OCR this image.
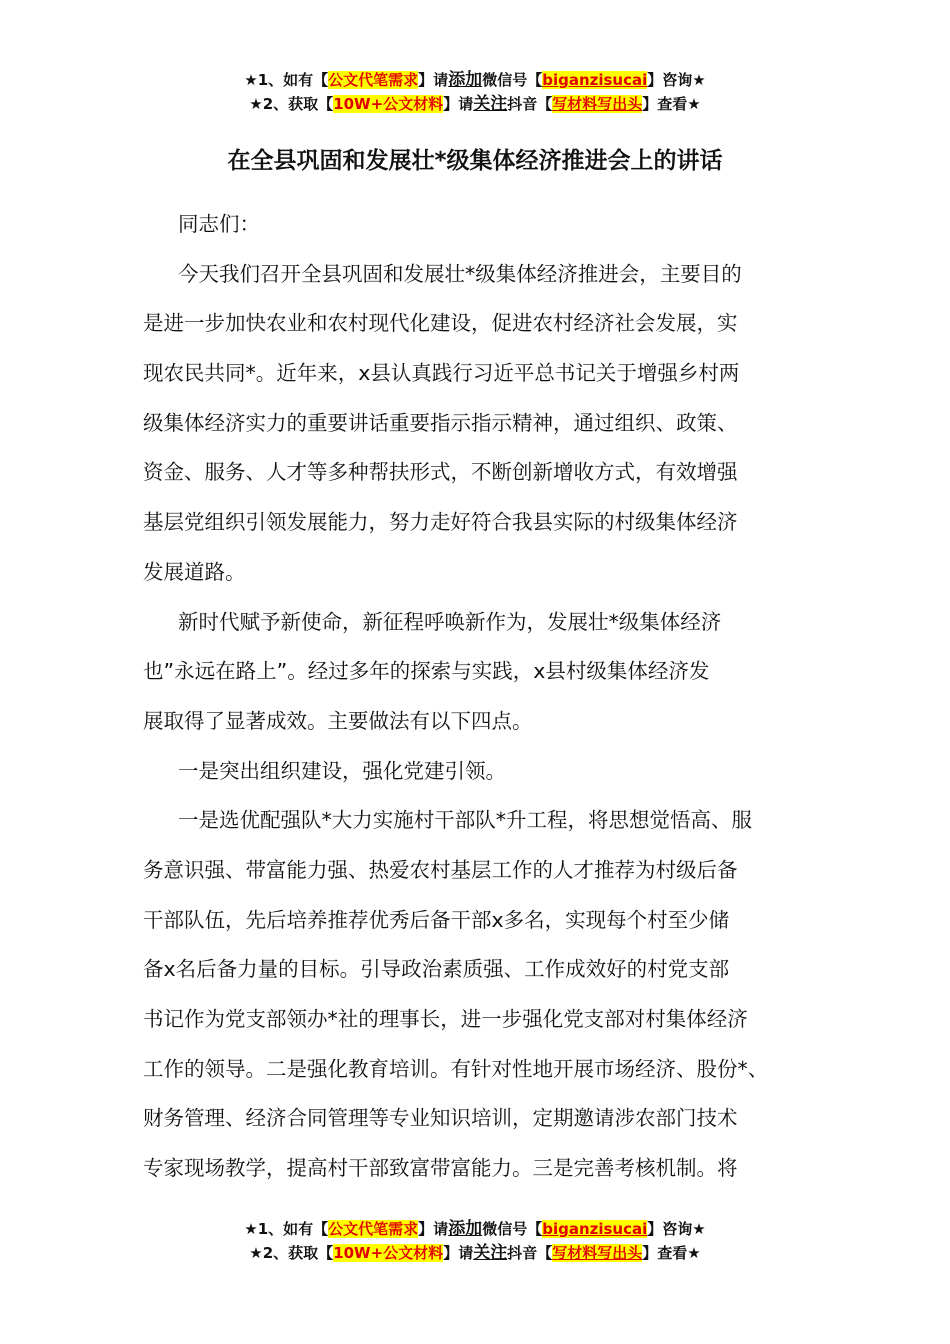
★1、如有【公文代笔需求】请添加微信号【biganzisucai】咨询★
★2、获取【10W+公文材料】请关注抖音【写材料写出头】查看★
在全县巩固和发展壮*级集体经济推进会上的讲话
同志们：
今天我们召开全县巩固和发展壮*级集体经济推进会，主要目的
是进一步加快农业和农村现代化建设，促进农村经济社会发展，实
现农民共同*。近年来，x县认真践行习近平总书记关于增强乡村两
级集体经济实力的重要讲话重要指示指示精神，通过组织、政策、
资金、服务、人才等多种帮扶形式，不断创新增收方式，有效增强
基层党组织引领发展能力，努力走好符合我县实际的村级集体经济
发展道路。
新时代赋予新使命，新征程呼唤新作为，发展壮*级集体经济
也”永远在路上”。经过多年的探索与实践，x县村级集体经济发
展取得了显著成效。主要做法有以下四点。
一是突出组织建设，强化党建引领。
一是选优配强队*大力实施村干部队*升工程，将思想觉悟高、服
务意识强、带富能力强、热爱农村基层工作的人才推荐为村级后备
干部队伍，先后培养推荐优秀后备干部x多名，实现每个村至少储
备x名后备力量的目标。引导政治素质强、工作成效好的村党支部
书记作为党支部领办*社的理事长，进一步强化党支部对村集体经济
工作的领导。二是强化教育培训。有针对性地开展市场经济、股份*、
财务管理、经济合同管理等专业知识培训，定期邀请涉农部门技术
专家现场教学，提高村干部致富带富能力。三是完善考核机制。将
★1、如有【公文代笔需求】请添加微信号【biganzisucai】咨询★
★2、获取【10W+公文材料】请关注抖音【写材料写出头】查看★
